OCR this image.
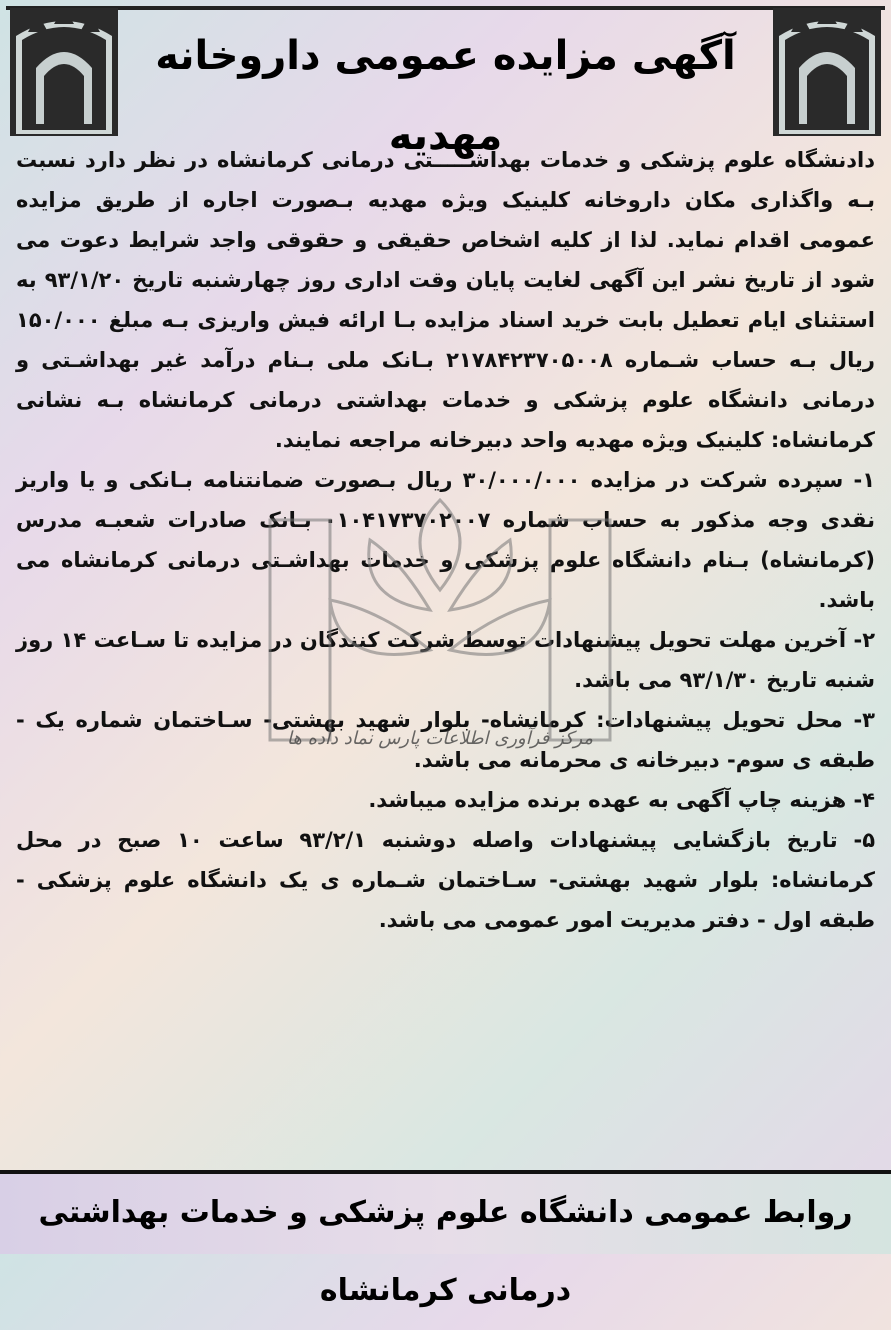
آگهی مزایده عمومی داروخانه مهدیه

دادنشگاه علوم پزشکی و خدمات بهداشـــــتی درمانی کرمانشاه در نظر دارد نسبت بـه واگذاری مکان داروخانه کلینیک ویژه مهدیه بـصورت اجاره از طریق مزایده عمومی اقدام نماید. لذا از کلیه اشخاص حقیقی و حقوقی واجد شرایط دعوت می شود از تاریخ نشر این آگهی لغایت پایان وقت اداری روز چهارشنبه تاریخ ۹۳/۱/۲۰ به استثنای ایام تعطیل بابت خرید اسناد مزایده بـا ارائه فیش واریزی بـه مبلغ ۱۵۰/۰۰۰ ریال بـه حساب شـماره ۲۱۷۸۴۲۳۷۰۵۰۰۸ بـانک ملی بـنام درآمد غیر بهداشـتی و درمانی دانشگاه علوم پزشکی و خدمات بهداشتی درمانی کرمانشاه بـه نشانی کرمانشاه: کلینیک ویژه مهدیه واحد دبیرخانه مراجعه نمایند.

۱- سپرده شرکت در مزایده ۳۰/۰۰۰/۰۰۰ ریال بـصورت ضمانتنامه بـانکی و یا واریز نقدی وجه مذکور به حساب شماره ۰۱۰۴۱۷۳۷۰۲۰۰۷ بـانک صادرات شعبـه مدرس (کرمانشاه) بـنام دانشگاه علوم پزشکی و خدمات بهداشـتی درمانی کرمانشاه می باشد.

۲- آخرین مهلت تحویل پیشنهادات توسط شرکت کنندگان در مزایده تا سـاعت ۱۴ روز شنبه تاریخ ۹۳/۱/۳۰ می باشد.

۳- محل تحویل پیشنهادات: کرمانشاه- بلوار شهید بهشتی- سـاختمان شماره یک - طبقه ی سوم- دبیرخانه ی محرمانه می باشد.

۴- هزینه چاپ آگهی به عهده برنده مزایده میباشد.

۵- تاریخ بازگشایی پیشنهادات واصله دوشنبه ۹۳/۲/۱ ساعت ۱۰ صبح در محل کرمانشاه: بلوار شهید بهشتی- سـاختمان شـماره ی یک دانشگاه علوم پزشکی - طبقه اول - دفتر مدیریت امور عمومی می باشد.

مرکز فرآوری اطلاعات پارس نماد داده ها
روابط عمومی دانشگاه علوم پزشکی و خدمات بهداشتی درمانی کرمانشاه
